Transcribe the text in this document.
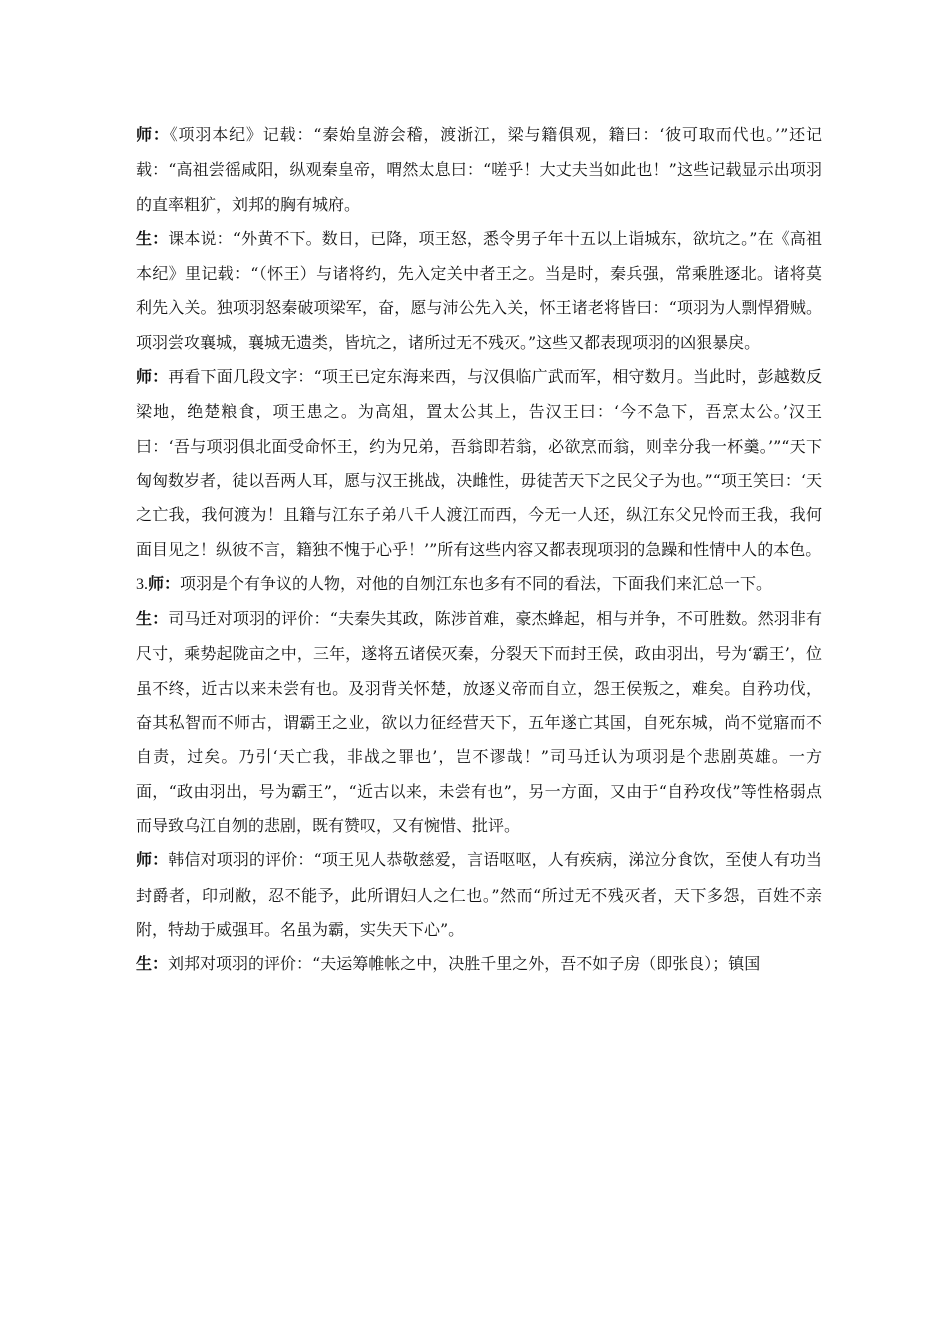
师：《项羽本纪》记载：“秦始皇游会稽，渡浙江，梁与籍俱观，籍曰：‘彼可取而代也。’”还记载：“高祖尝徭咸阳，纵观秦皇帝，喟然太息曰：“嗟乎！大丈夫当如此也！”这些记载显示出项羽的直率粗犷，刘邦的胸有城府。

生：课本说：“外黄不下。数日，已降，项王怒，悉令男子年十五以上诣城东，欲坑之。”在《高祖本纪》里记载：“（怀王）与诸将约，先入定关中者王之。当是时，秦兵强，常乘胜逐北。诸将莫利先入关。独项羽怒秦破项梁军，奋，愿与沛公先入关，怀王诸老将皆曰：“项羽为人剽悍猾贼。项羽尝攻襄城，襄城无遗类，皆坑之，诸所过无不残灭。”这些又都表现项羽的凶狠暴戾。

师：再看下面几段文字：“项王已定东海来西，与汉俱临广武而军，相守数月。当此时，彭越数反梁地，绝楚粮食，项王患之。为高俎，置太公其上，告汉王曰：‘今不急下，吾烹太公。’汉王曰：‘吾与项羽俱北面受命怀王，约为兄弟，吾翁即若翁，必欲烹而翁，则幸分我一杯羹。’”“天下匈匈数岁者，徒以吾两人耳，愿与汉王挑战，决雌性，毋徒苦天下之民父子为也。”“项王笑曰：‘天之亡我，我何渡为！且籍与江东子弟八千人渡江而西，今无一人还，纵江东父兄怜而王我，我何面目见之！纵彼不言，籍独不愧于心乎！’”所有这些内容又都表现项羽的急躁和性情中人的本色。

3.师：项羽是个有争议的人物，对他的自刎江东也多有不同的看法，下面我们来汇总一下。

生：司马迁对项羽的评价：“夫秦失其政，陈涉首难，豪杰蜂起，相与并争，不可胜数。然羽非有尺寸，乘势起陇亩之中，三年，遂将五诸侯灭秦，分裂天下而封王侯，政由羽出，号为‘霸王’，位虽不终，近古以来未尝有也。及羽背关怀楚，放逐义帝而自立，怨王侯叛之，难矣。自矜功伐，奋其私智而不师古，谓霸王之业，欲以力征经营天下，五年遂亡其国，自死东城，尚不觉寤而不自责，过矣。乃引‘天亡我，非战之罪也’，岂不谬哉！”司马迁认为项羽是个悲剧英雄。一方面，“政由羽出，号为霸王”，“近古以来，未尝有也”，另一方面，又由于“自矜攻伐”等性格弱点而导致乌江自刎的悲剧，既有赞叹，又有惋惜、批评。

师：韩信对项羽的评价：“项王见人恭敬慈爱，言语呕呕，人有疾病，涕泣分食饮，至使人有功当封爵者，印刓敝，忍不能予，此所谓妇人之仁也。”然而“所过无不残灭者，天下多怨，百姓不亲附，特劫于威强耳。名虽为霸，实失天下心”。

生：刘邦对项羽的评价：“夫运筹帷帐之中，决胜千里之外，吾不如子房（即张良）；镇国
